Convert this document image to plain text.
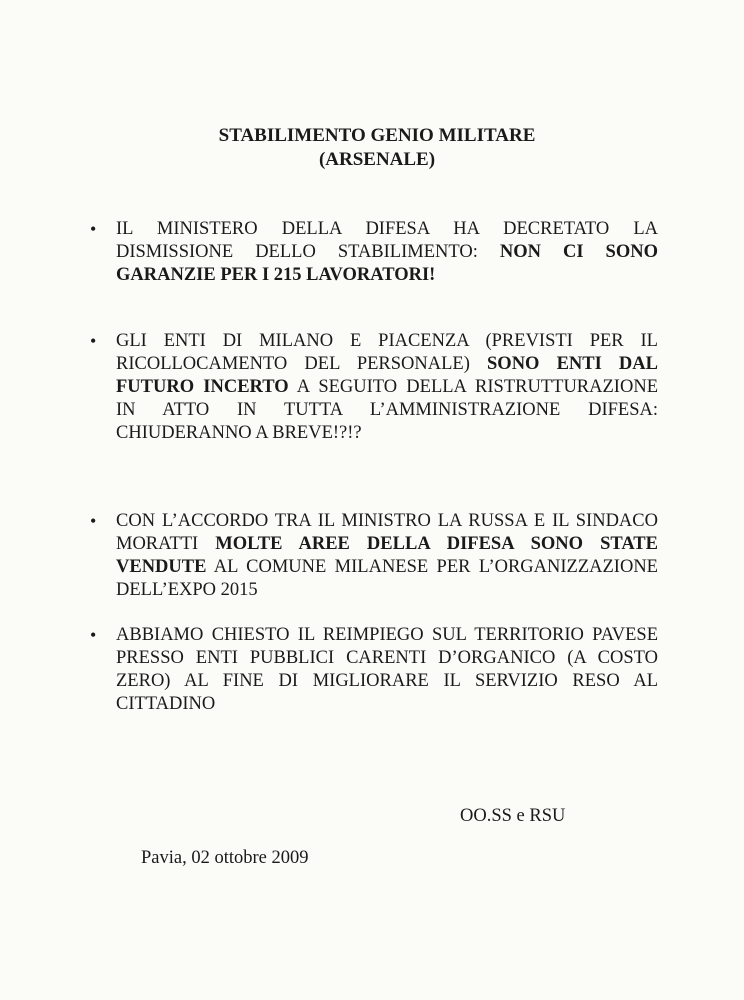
STABILIMENTO GENIO MILITARE
(ARSENALE)
• IL MINISTERO DELLA DIFESA HA DECRETATO LA DISMISSIONE DELLO STABILIMENTO: NON CI SONO GARANZIE PER I 215 LAVORATORI!
• GLI ENTI DI MILANO E PIACENZA (PREVISTI PER IL RICOLLOCAMENTO DEL PERSONALE) SONO ENTI DAL FUTURO INCERTO A SEGUITO DELLA RISTRUTTURAZIONE IN ATTO IN TUTTA L’AMMINISTRAZIONE DIFESA: CHIUDERANNO A BREVE!?!?
• CON L’ACCORDO TRA IL MINISTRO LA RUSSA E IL SINDACO MORATTI MOLTE AREE DELLA DIFESA SONO STATE VENDUTE AL COMUNE MILANESE PER L’ORGANIZZAZIONE DELL’EXPO 2015
• ABBIAMO CHIESTO IL REIMPIEGO SUL TERRITORIO PAVESE PRESSO ENTI PUBBLICI CARENTI D’ORGANICO (A COSTO ZERO) AL FINE DI MIGLIORARE IL SERVIZIO RESO AL CITTADINO
OO.SS e RSU
Pavia, 02 ottobre 2009
